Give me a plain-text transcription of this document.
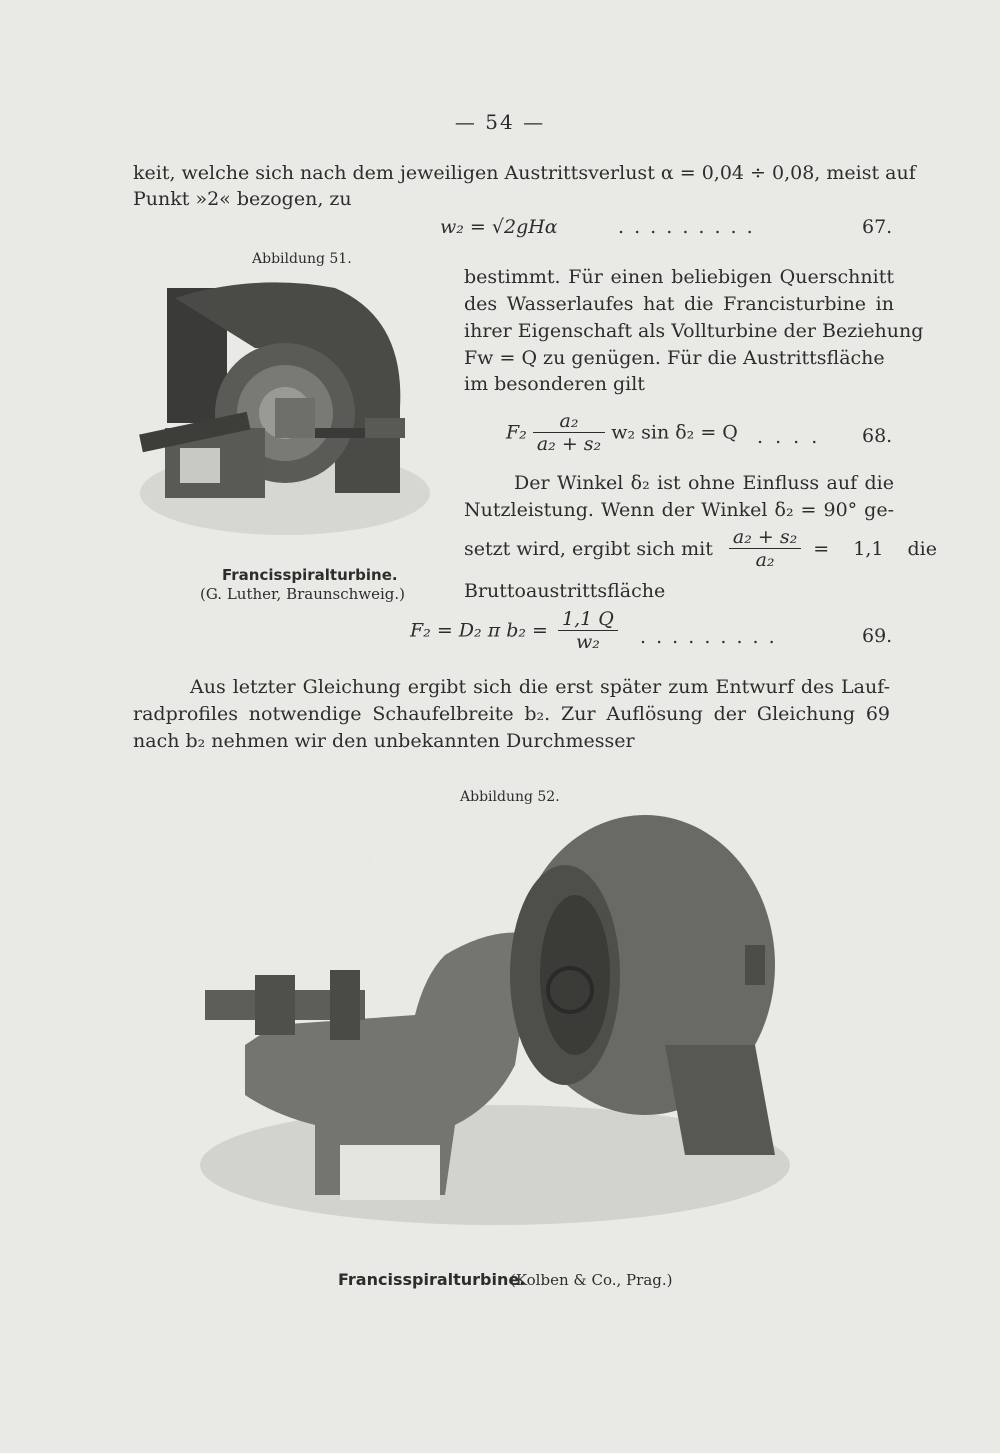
— 54 —
keit, welche sich nach dem jeweiligen Austrittsverlust α = 0,04 ÷ 0,08, meist auf
Punkt »2« bezogen, zu
w₂ = √2gHα	. . . . . . . . .	67.
Abbildung 51.
Francisspiralturbine.
(G. Luther, Braunschweig.)
bestimmt. Für einen beliebigen Querschnitt
des Wasserlaufes hat die Francisturbine in
ihrer Eigenschaft als Vollturbine der Beziehung
Fw = Q zu genügen. Für die Austrittsfläche
im besonderen gilt
$F_2 \frac{\text{a₂}}{\text{a₂ + s₂}} w_2$ sin δ₂ = Q . . . . 68.
Der Winkel δ₂ ist ohne Einfluss auf die
Nutzleistung. Wenn der Winkel δ₂ = 90° ge-
setzt wird, ergibt sich mit $\frac{\text{a₂ + s₂}}{\text{a₂}} = 1,1$ die
Bruttoaustrittsfläche
F₂ = D₂ π $b_2 = \frac{1,1 Q}{\text{w₂}}$ . . . . . . . . .	69.
Aus letzter Gleichung ergibt sich die erst später zum Entwurf des Lauf-
radprofiles notwendige Schaufelbreite b₂. Zur Auflösung der Gleichung 69
nach b₂ nehmen wir den unbekannten Durchmesser
Abbildung 52.
E.A.G. KOLBEN & C°
Francisspiralturbine.
(Kolben & Co., Prag.)
